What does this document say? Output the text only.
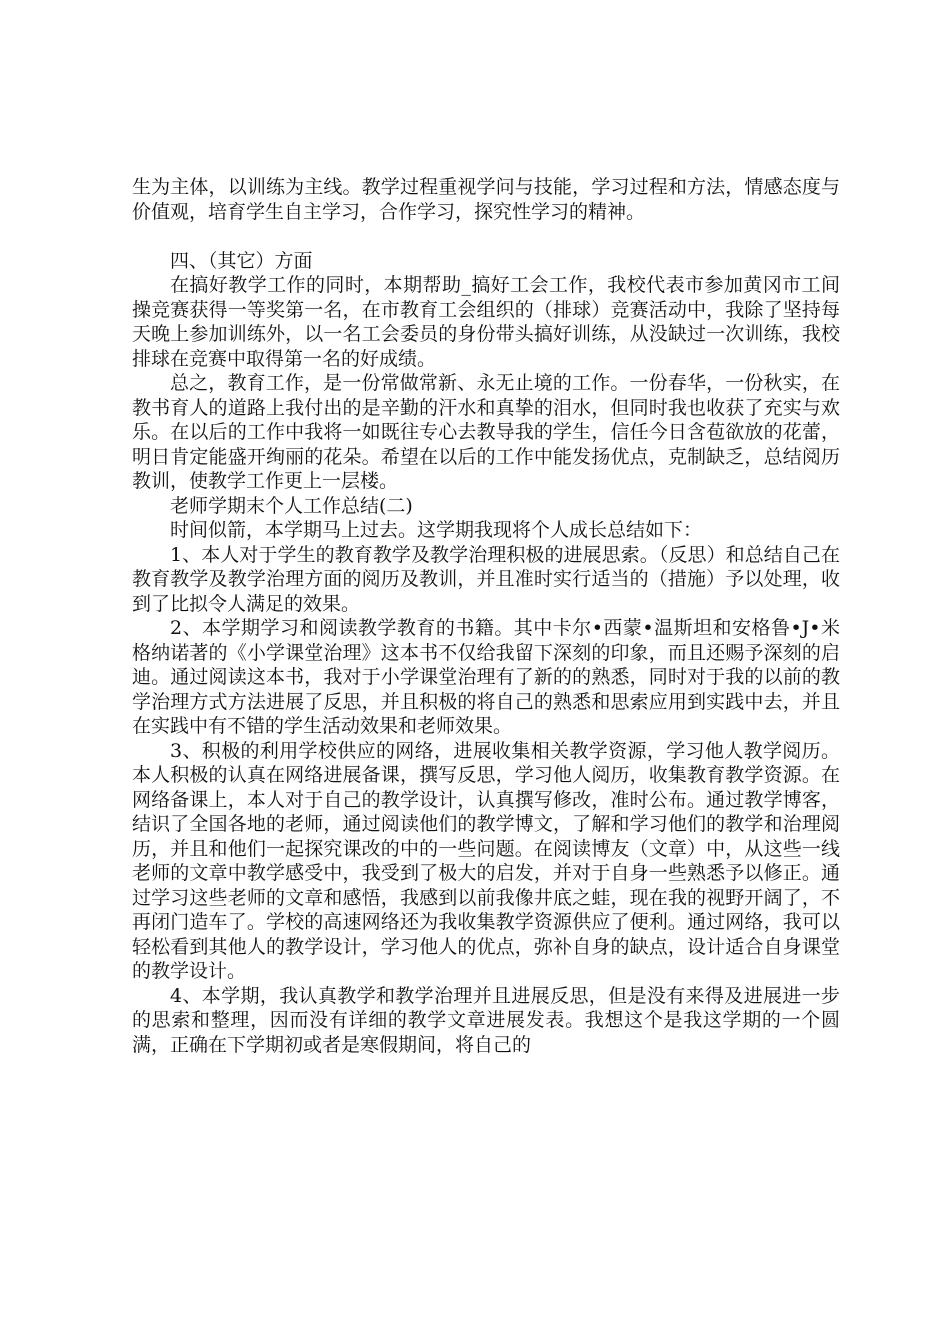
生为主体，以训练为主线。教学过程重视学问与技能，学习过程和方法，情感态度与价值观，培育学生自主学习，合作学习，探究性学习的精神。

四、（其它）方面

在搞好教学工作的同时，本期帮助_搞好工会工作，我校代表市参加黄冈市工间操竞赛获得一等奖第一名，在市教育工会组织的（排球）竞赛活动中，我除了坚持每天晚上参加训练外，以一名工会委员的身份带头搞好训练，从没缺过一次训练，我校排球在竞赛中取得第一名的好成绩。

总之，教育工作，是一份常做常新、永无止境的工作。一份春华，一份秋实，在教书育人的道路上我付出的是辛勤的汗水和真挚的泪水，但同时我也收获了充实与欢乐。在以后的工作中我将一如既往专心去教导我的学生，信任今日含苞欲放的花蕾，明日肯定能盛开绚丽的花朵。希望在以后的工作中能发扬优点，克制缺乏，总结阅历教训，使教学工作更上一层楼。

老师学期末个人工作总结(二)

时间似箭，本学期马上过去。这学期我现将个人成长总结如下：

1、本人对于学生的教育教学及教学治理积极的进展思索。（反思）和总结自己在教育教学及教学治理方面的阅历及教训，并且准时实行适当的（措施）予以处理，收到了比拟令人满足的效果。

2、本学期学习和阅读教学教育的书籍。其中卡尔•西蒙•温斯坦和安格鲁•J•米格纳诺著的《小学课堂治理》这本书不仅给我留下深刻的印象，而且还赐予深刻的启迪。通过阅读这本书，我对于小学课堂治理有了新的的熟悉，同时对于我的以前的教学治理方式方法进展了反思，并且积极的将自己的熟悉和思索应用到实践中去，并且在实践中有不错的学生活动效果和老师效果。

3、积极的利用学校供应的网络，进展收集相关教学资源，学习他人教学阅历。本人积极的认真在网络进展备课，撰写反思，学习他人阅历，收集教育教学资源。在网络备课上，本人对于自己的教学设计，认真撰写修改，准时公布。通过教学博客，结识了全国各地的老师，通过阅读他们的教学博文，了解和学习他们的教学和治理阅历，并且和他们一起探究课改的中的一些问题。在阅读博友（文章）中，从这些一线老师的文章中教学感受中，我受到了极大的启发，并对于自身一些熟悉予以修正。通过学习这些老师的文章和感悟，我感到以前我像井底之蛙，现在我的视野开阔了，不再闭门造车了。学校的高速网络还为我收集教学资源供应了便利。通过网络，我可以轻松看到其他人的教学设计，学习他人的优点，弥补自身的缺点，设计适合自身课堂的教学设计。

4、本学期，我认真教学和教学治理并且进展反思，但是没有来得及进展进一步的思索和整理，因而没有详细的教学文章进展发表。我想这个是我这学期的一个圆满，正确在下学期初或者是寒假期间，将自己的
